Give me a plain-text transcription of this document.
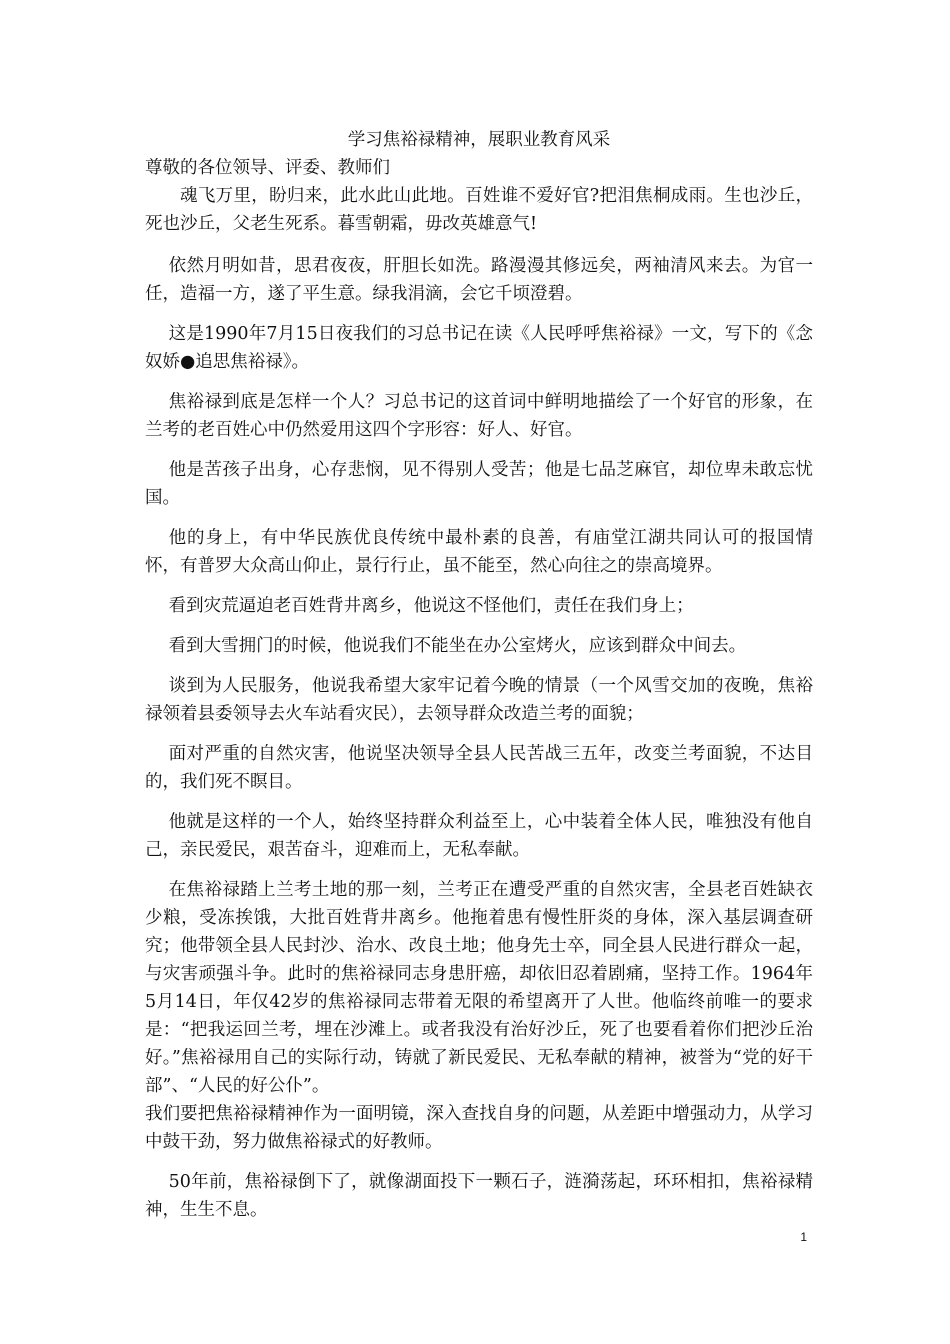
学习焦裕禄精神，展职业教育风采

尊敬的各位领导、评委、教师们

魂飞万里，盼归来，此水此山此地。百姓谁不爱好官?把泪焦桐成雨。生也沙丘，死也沙丘，父老生死系。暮雪朝霜，毋改英雄意气!

依然月明如昔，思君夜夜，肝胆长如洗。路漫漫其修远矣，两袖清风来去。为官一任，造福一方，遂了平生意。绿我涓滴，会它千顷澄碧。

这是1990年7月15日夜我们的习总书记在读《人民呼呼焦裕禄》一文，写下的《念奴娇●追思焦裕禄》。

焦裕禄到底是怎样一个人？习总书记的这首词中鲜明地描绘了一个好官的形象，在兰考的老百姓心中仍然爱用这四个字形容：好人、好官。

他是苦孩子出身，心存悲悯，见不得别人受苦；他是七品芝麻官，却位卑未敢忘忧国。

他的身上，有中华民族优良传统中最朴素的良善，有庙堂江湖共同认可的报国情怀，有普罗大众高山仰止，景行行止，虽不能至，然心向往之的崇高境界。

看到灾荒逼迫老百姓背井离乡，他说这不怪他们，责任在我们身上；

看到大雪拥门的时候，他说我们不能坐在办公室烤火，应该到群众中间去。

谈到为人民服务，他说我希望大家牢记着今晚的情景（一个风雪交加的夜晚，焦裕禄领着县委领导去火车站看灾民），去领导群众改造兰考的面貌；

面对严重的自然灾害，他说坚决领导全县人民苦战三五年，改变兰考面貌，不达目的，我们死不瞑目。

他就是这样的一个人，始终坚持群众利益至上，心中装着全体人民，唯独没有他自己，亲民爱民，艰苦奋斗，迎难而上，无私奉献。

在焦裕禄踏上兰考土地的那一刻，兰考正在遭受严重的自然灾害，全县老百姓缺衣少粮，受冻挨饿，大批百姓背井离乡。他拖着患有慢性肝炎的身体，深入基层调查研究；他带领全县人民封沙、治水、改良土地；他身先士卒，同全县人民进行群众一起，与灾害顽强斗争。此时的焦裕禄同志身患肝癌，却依旧忍着剧痛，坚持工作。1964年5月14日，年仅42岁的焦裕禄同志带着无限的希望离开了人世。他临终前唯一的要求是：“把我运回兰考，埋在沙滩上。或者我没有治好沙丘，死了也要看着你们把沙丘治好。”焦裕禄用自己的实际行动，铸就了新民爱民、无私奉献的精神，被誉为“党的好干部”、“人民的好公仆”。

我们要把焦裕禄精神作为一面明镜，深入查找自身的问题，从差距中增强动力，从学习中鼓干劲，努力做焦裕禄式的好教师。

50年前，焦裕禄倒下了，就像湖面投下一颗石子，涟漪荡起，环环相扣，焦裕禄精神，生生不息。

1
